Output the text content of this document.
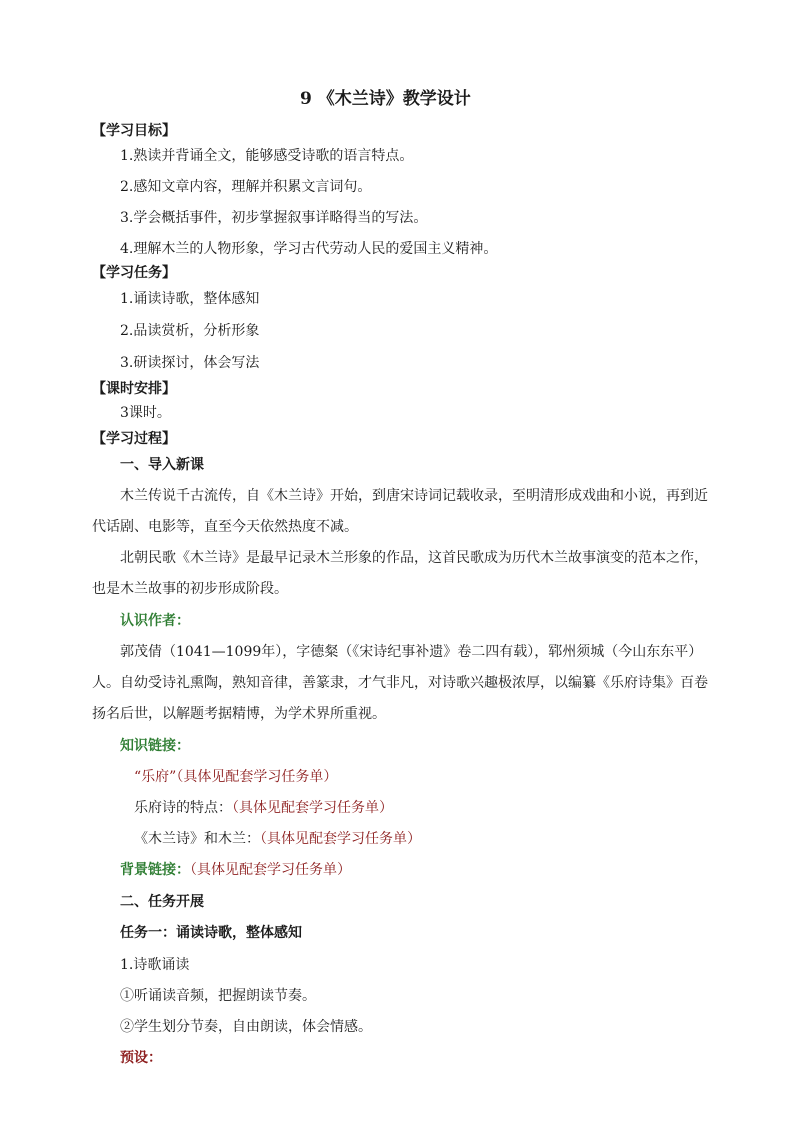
9 《木兰诗》教学设计
【学习目标】
1.熟读并背诵全文，能够感受诗歌的语言特点。
2.感知文章内容，理解并积累文言词句。
3.学会概括事件，初步掌握叙事详略得当的写法。
4.理解木兰的人物形象，学习古代劳动人民的爱国主义精神。
【学习任务】
1.诵读诗歌，整体感知
2.品读赏析，分析形象
3.研读探讨，体会写法
【课时安排】
3课时。
【学习过程】
一、导入新课
木兰传说千古流传，自《木兰诗》开始，到唐宋诗词记载收录，至明清形成戏曲和小说，再到近
代话剧、电影等，直至今天依然热度不减。
北朝民歌《木兰诗》是最早记录木兰形象的作品，这首民歌成为历代木兰故事演变的范本之作，
也是木兰故事的初步形成阶段。
认识作者：
郭茂倩（1041—1099年），字德粲（《宋诗纪事补遗》卷二四有载），郓州须城（今山东东平）
人。自幼受诗礼熏陶，熟知音律，善篆隶，才气非凡，对诗歌兴趣极浓厚，以编纂《乐府诗集》百卷
扬名后世，以解题考据精博，为学术界所重视。
知识链接：
“乐府”（具体见配套学习任务单）
乐府诗的特点：（具体见配套学习任务单）
《木兰诗》和木兰：（具体见配套学习任务单）
背景链接：（具体见配套学习任务单）
二、任务开展
任务一：诵读诗歌，整体感知
1.诗歌诵读
①听诵读音频，把握朗读节奏。
②学生划分节奏，自由朗读，体会情感。
预设：
